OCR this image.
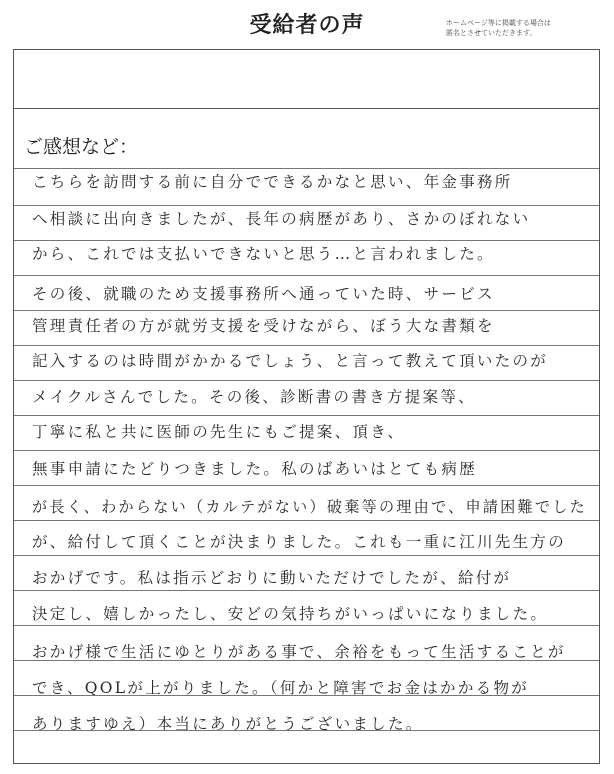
受給者の声	ホームページ等に掲載する場合は
匿名とさせていただきます。
ご感想など：
こちらを訪問する前に自分でできるかなと思い、年金事務所
へ相談に出向きましたが、長年の病歴があり、さかのぼれない
から、これでは支払いできないと思う…と言われました。
その後、就職のため支援事務所へ通っていた時、サービス
管理責任者の方が就労支援を受けながら、ぼう大な書類を
記入するのは時間がかかるでしょう、と言って教えて頂いたのが
メイクルさんでした。その後、診断書の書き方提案等、
丁寧に私と共に医師の先生にもご提案、頂き、
無事申請にたどりつきました。私のばあいはとても病歴
が長く、わからない（カルテがない）破棄等の理由で、申請困難でした
が、給付して頂くことが決まりました。これも一重に江川先生方の
おかげです。私は指示どおりに動いただけでしたが、給付が
決定し、嬉しかったし、安どの気持ちがいっぱいになりました。
おかげ様で生活にゆとりがある事で、余裕をもって生活することが
でき、QOLが上がりました。（何かと障害でお金はかかる物が
ありますゆえ）本当にありがとうございました。
